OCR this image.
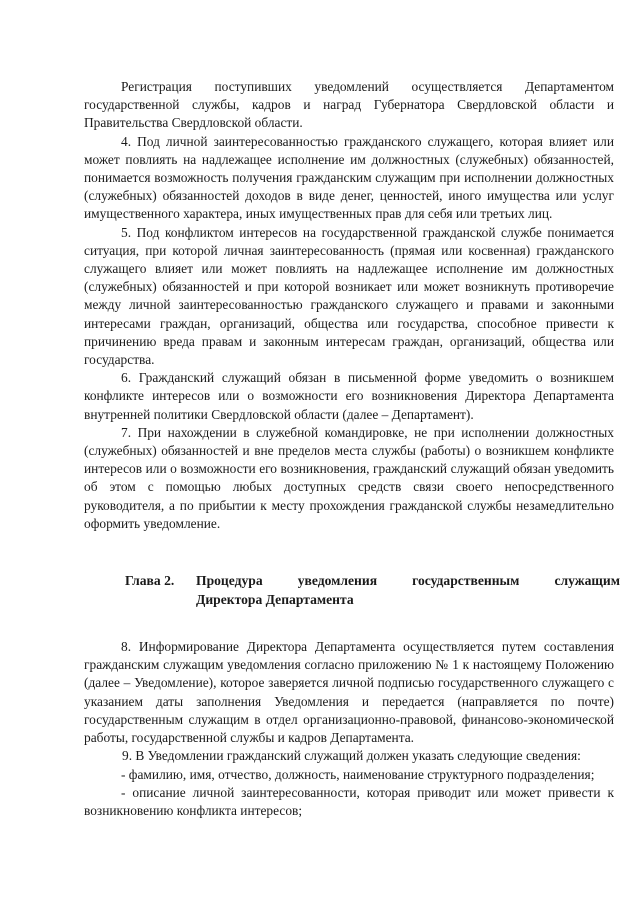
Регистрация поступивших уведомлений осуществляется Департаментом государственной службы, кадров и наград Губернатора Свердловской области и Правительства Свердловской области.

4. Под личной заинтересованностью гражданского служащего, которая влияет или может повлиять на надлежащее исполнение им должностных (служебных) обязанностей, понимается возможность получения гражданским служащим при исполнении должностных (служебных) обязанностей доходов в виде денег, ценностей, иного имущества или услуг имущественного характера, иных имущественных прав для себя или третьих лиц.

5. Под конфликтом интересов на государственной гражданской службе понимается ситуация, при которой личная заинтересованность (прямая или косвенная) гражданского служащего влияет или может повлиять на надлежащее исполнение им должностных (служебных) обязанностей и при которой возникает или может возникнуть противоречие между личной заинтересованностью гражданского служащего и правами и законными интересами граждан, организаций, общества или государства, способное привести к причинению вреда правам и законным интересам граждан, организаций, общества или государства.

6. Гражданский служащий обязан в письменной форме уведомить о возникшем конфликте интересов или о возможности его возникновения Директора Департамента внутренней политики Свердловской области (далее – Департамент).

7. При нахождении в служебной командировке, не при исполнении должностных (служебных) обязанностей и вне пределов места службы (работы) о возникшем конфликте интересов или о возможности его возникновения, гражданский служащий обязан уведомить об этом с помощью любых доступных средств связи своего непосредственного руководителя, а по прибытии к месту прохождения гражданской службы незамедлительно оформить уведомление.

Глава 2. Процедура уведомления государственным служащим
Директора Департамента

8. Информирование Директора Департамента осуществляется путем составления гражданским служащим уведомления согласно приложению № 1 к настоящему Положению (далее – Уведомление), которое заверяется личной подписью государственного служащего с указанием даты заполнения Уведомления и передается (направляется по почте) государственным служащим в отдел организационно-правовой, финансово-экономической работы, государственной службы и кадров Департамента.

9. В Уведомлении гражданский служащий должен указать следующие сведения:

- фамилию, имя, отчество, должность, наименование структурного подразделения;

- описание личной заинтересованности, которая приводит или может привести к возникновению конфликта интересов;
